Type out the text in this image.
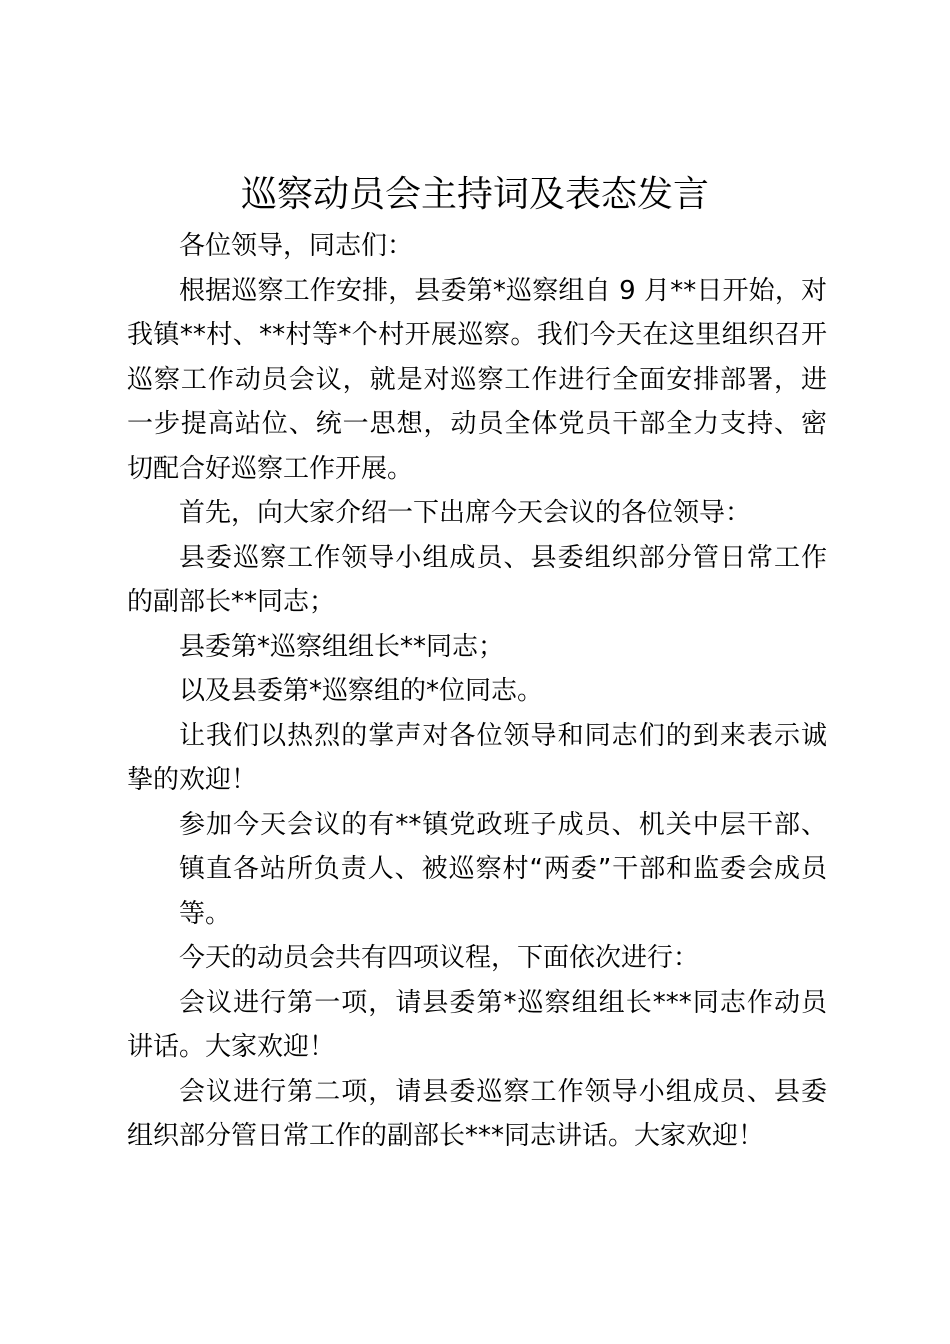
巡察动员会主持词及表态发言

各位领导，同志们：

根据巡察工作安排，县委第*巡察组自 9 月**日开始，对我镇**村、**村等*个村开展巡察。我们今天在这里组织召开巡察工作动员会议，就是对巡察工作进行全面安排部署，进一步提高站位、统一思想，动员全体党员干部全力支持、密切配合好巡察工作开展。

首先，向大家介绍一下出席今天会议的各位领导：

县委巡察工作领导小组成员、县委组织部分管日常工作的副部长**同志；

县委第*巡察组组长**同志；

以及县委第*巡察组的*位同志。

让我们以热烈的掌声对各位领导和同志们的到来表示诚挚的欢迎！

参加今天会议的有**镇党政班子成员、机关中层干部、镇直各站所负责人、被巡察村“两委”干部和监委会成员等。

今天的动员会共有四项议程，下面依次进行：

会议进行第一项，请县委第*巡察组组长***同志作动员讲话。大家欢迎！

会议进行第二项，请县委巡察工作领导小组成员、县委组织部分管日常工作的副部长***同志讲话。大家欢迎！
